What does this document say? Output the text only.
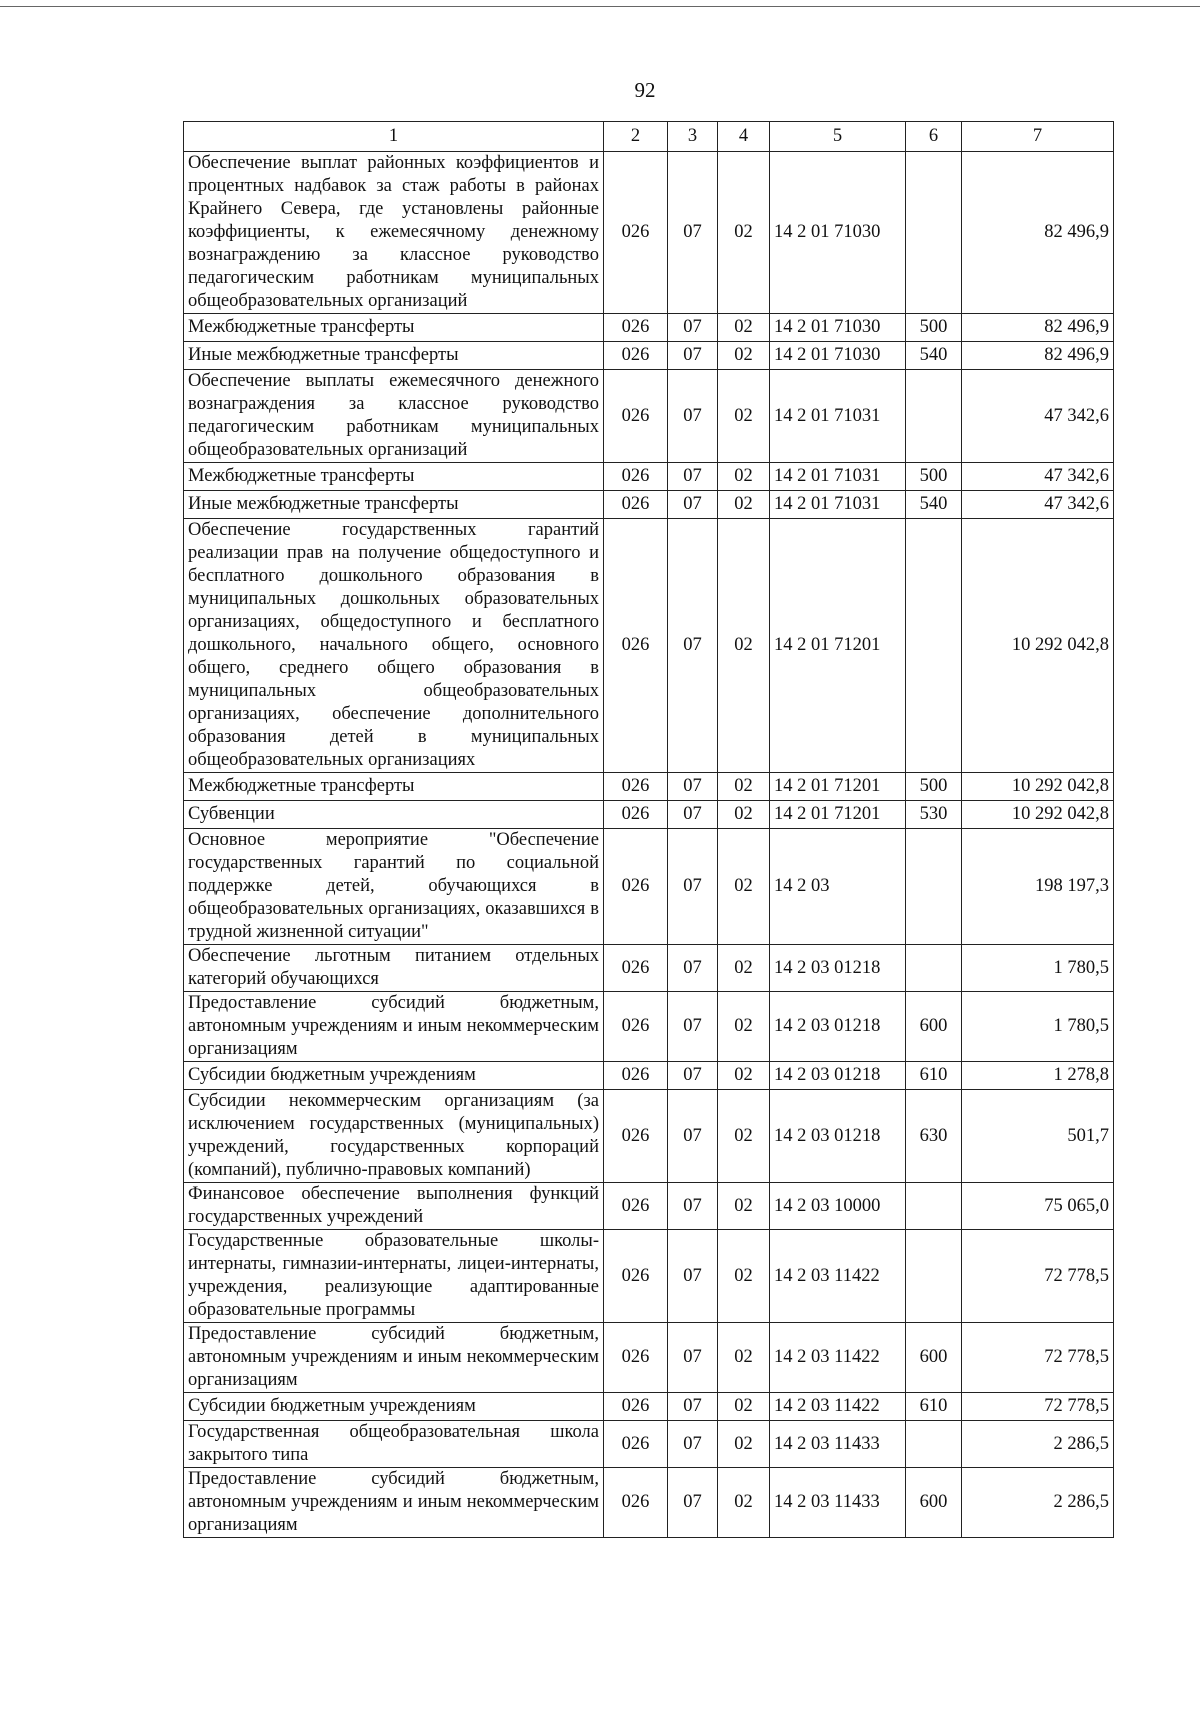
92
1	2	3	4	5	6	7
Обеспечение выплат районных коэффициентов и процентных надбавок за стаж работы в районах Крайнего Севера, где установлены районные коэффициенты, к ежемесячному денежному вознаграждению за классное руководство педагогическим работникам муниципальных общеобразовательных организаций	026	07	02	14 2 01 71030		82 496,9
Межбюджетные трансферты	026	07	02	14 2 01 71030	500	82 496,9
Иные межбюджетные трансферты	026	07	02	14 2 01 71030	540	82 496,9
Обеспечение выплаты ежемесячного денежного вознаграждения за классное руководство педагогическим работникам муниципальных общеобразовательных организаций	026	07	02	14 2 01 71031		47 342,6
Межбюджетные трансферты	026	07	02	14 2 01 71031	500	47 342,6
Иные межбюджетные трансферты	026	07	02	14 2 01 71031	540	47 342,6
Обеспечение государственных гарантий реализации прав на получение общедоступного и бесплатного дошкольного образования в муниципальных дошкольных образовательных организациях, общедоступного и бесплатного дошкольного, начального общего, основного общего, среднего общего образования в муниципальных общеобразовательных организациях, обеспечение дополнительного образования детей в муниципальных общеобразовательных организациях	026	07	02	14 2 01 71201		10 292 042,8
Межбюджетные трансферты	026	07	02	14 2 01 71201	500	10 292 042,8
Субвенции	026	07	02	14 2 01 71201	530	10 292 042,8
Основное мероприятие "Обеспечение государственных гарантий по социальной поддержке детей, обучающихся в общеобразовательных организациях, оказавшихся в трудной жизненной ситуации"	026	07	02	14 2 03		198 197,3
Обеспечение льготным питанием отдельных категорий обучающихся	026	07	02	14 2 03 01218		1 780,5
Предоставление субсидий бюджетным, автономным учреждениям и иным некоммерческим организациям	026	07	02	14 2 03 01218	600	1 780,5
Субсидии бюджетным учреждениям	026	07	02	14 2 03 01218	610	1 278,8
Субсидии некоммерческим организациям (за исключением государственных (муниципальных) учреждений, государственных корпораций (компаний), публично-правовых компаний)	026	07	02	14 2 03 01218	630	501,7
Финансовое обеспечение выполнения функций государственных учреждений	026	07	02	14 2 03 10000		75 065,0
Государственные образовательные школы-интернаты, гимназии-интернаты, лицеи-интернаты, учреждения, реализующие адаптированные образовательные программы	026	07	02	14 2 03 11422		72 778,5
Предоставление субсидий бюджетным, автономным учреждениям и иным некоммерческим организациям	026	07	02	14 2 03 11422	600	72 778,5
Субсидии бюджетным учреждениям	026	07	02	14 2 03 11422	610	72 778,5
Государственная общеобразовательная школа закрытого типа	026	07	02	14 2 03 11433		2 286,5
Предоставление субсидий бюджетным, автономным учреждениям и иным некоммерческим организациям	026	07	02	14 2 03 11433	600	2 286,5
